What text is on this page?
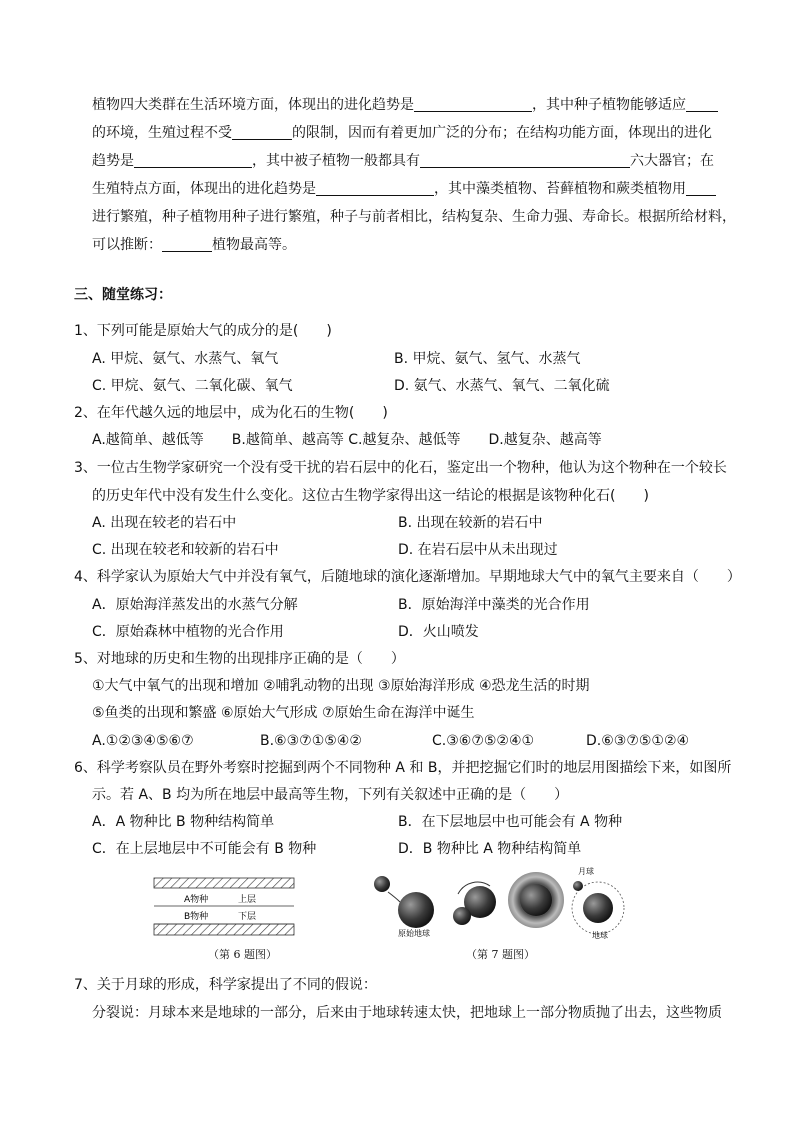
植物四大类群在生活环境方面，体现出的进化趋势是	，其中种子植物能够适应
的环境，生殖过程不受	的限制，因而有着更加广泛的分布；在结构功能方面，体现出的进化
趋势是	，其中被子植物一般都具有	六大器官；在
生殖特点方面，体现出的进化趋势是	，其中藻类植物、苔藓植物和蕨类植物用
进行繁殖，种子植物用种子进行繁殖，种子与前者相比，结构复杂、生命力强、寿命长。根据所给材料，
可以推断：	植物最高等。
三、随堂练习：
1、下列可能是原始大气的成分的是(　　)
A. 甲烷、氨气、水蒸气、氧气	B. 甲烷、氨气、氢气、水蒸气
C. 甲烷、氨气、二氧化碳、氧气	D. 氨气、水蒸气、氧气、二氧化硫
2、在年代越久远的地层中，成为化石的生物(　　)
A.越简单、越低等　　B.越简单、越高等 C.越复杂、越低等　　D.越复杂、越高等
3、一位古生物学家研究一个没有受干扰的岩石层中的化石，鉴定出一个物种，他认为这个物种在一个较长
的历史年代中没有发生什么变化。这位古生物学家得出这一结论的根据是该物种化石(　　)
A. 出现在较老的岩石中	B. 出现在较新的岩石中
C. 出现在较老和较新的岩石中	D. 在岩石层中从未出现过
4、科学家认为原始大气中并没有氧气，后随地球的演化逐渐增加。早期地球大气中的氧气主要来自（　　）
A．原始海洋蒸发出的水蒸气分解	B．原始海洋中藻类的光合作用
C．原始森林中植物的光合作用	D．火山喷发
5、对地球的历史和生物的出现排序正确的是（　　）
①大气中氧气的出现和增加 ②哺乳动物的出现 ③原始海洋形成 ④恐龙生活的时期
⑤鱼类的出现和繁盛 ⑥原始大气形成 ⑦原始生命在海洋中诞生
A.①②③④⑤⑥⑦	B.⑥③⑦①⑤④②	C.③⑥⑦⑤②④①	D.⑥③⑦⑤①②④
6、科学考察队员在野外考察时挖掘到两个不同物种 A 和 B，并把挖掘它们时的地层用图描绘下来，如图所
示。若 A、B 均为所在地层中最高等生物，下列有关叙述中正确的是（　　）
A．A 物种比 B 物种结构简单	B．在下层地层中也可能会有 A 物种
C．在上层地层中不可能会有 B 物种	D．B 物种比 A 物种结构简单
A物种	上层
B物种	下层
（第 6 题图）
原始地球
月球
地球
（第 7 题图）
7、关于月球的形成，科学家提出了不同的假说：
分裂说：月球本来是地球的一部分，后来由于地球转速太快，把地球上一部分物质抛了出去，这些物质
